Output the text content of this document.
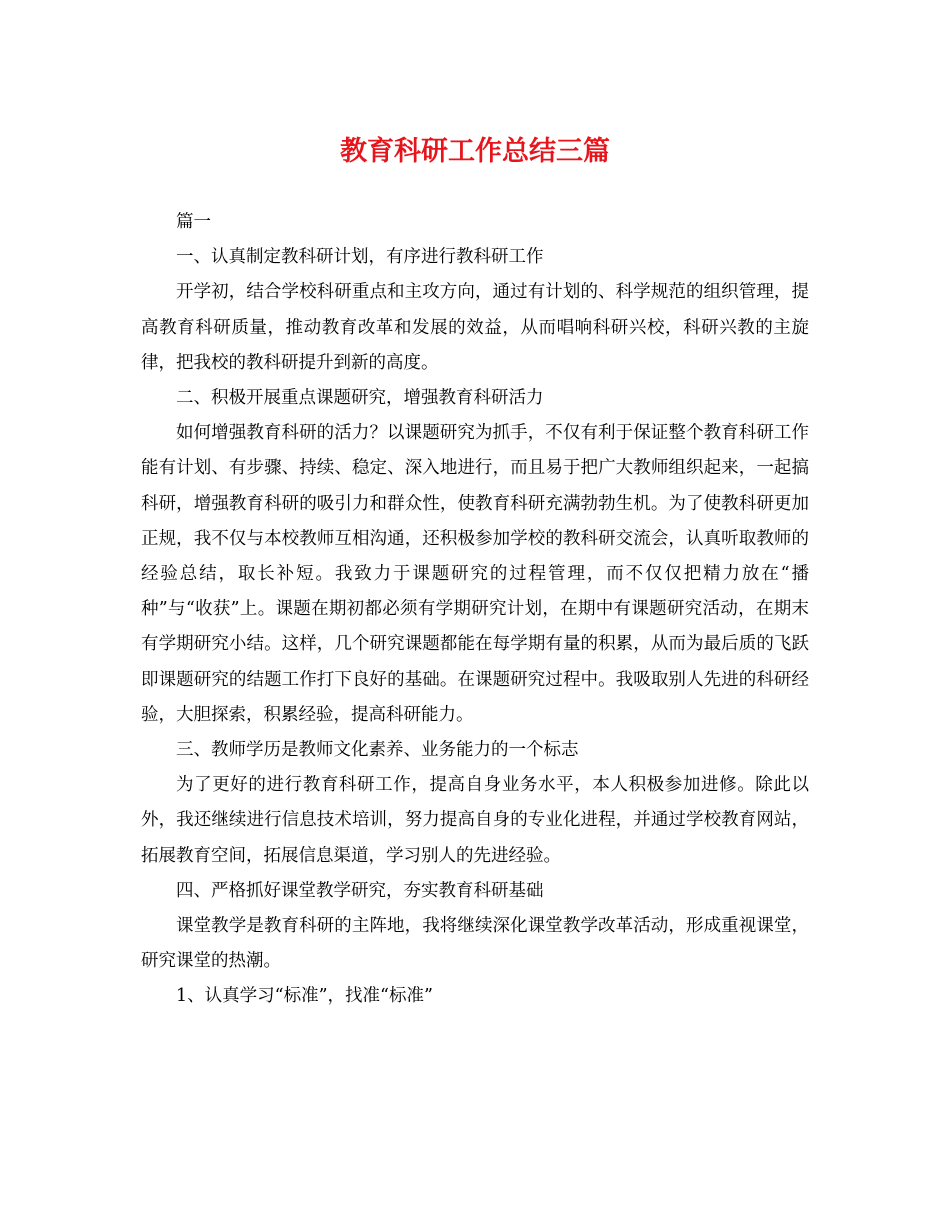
教育科研工作总结三篇

篇一

一、认真制定教科研计划，有序进行教科研工作

开学初，结合学校科研重点和主攻方向，通过有计划的、科学规范的组织管理，提高教育科研质量，推动教育改革和发展的效益，从而唱响科研兴校，科研兴教的主旋律，把我校的教科研提升到新的高度。

二、积极开展重点课题研究，增强教育科研活力

如何增强教育科研的活力？以课题研究为抓手，不仅有利于保证整个教育科研工作能有计划、有步骤、持续、稳定、深入地进行，而且易于把广大教师组织起来，一起搞科研，增强教育科研的吸引力和群众性，使教育科研充满勃勃生机。为了使教科研更加正规，我不仅与本校教师互相沟通，还积极参加学校的教科研交流会，认真听取教师的经验总结，取长补短。我致力于课题研究的过程管理，而不仅仅把精力放在“播种”与“收获”上。课题在期初都必须有学期研究计划，在期中有课题研究活动，在期末有学期研究小结。这样，几个研究课题都能在每学期有量的积累，从而为最后质的飞跃即课题研究的结题工作打下良好的基础。在课题研究过程中。我吸取别人先进的科研经验，大胆探索，积累经验，提高科研能力。

三、教师学历是教师文化素养、业务能力的一个标志

为了更好的进行教育科研工作，提高自身业务水平，本人积极参加进修。除此以外，我还继续进行信息技术培训，努力提高自身的专业化进程，并通过学校教育网站，拓展教育空间，拓展信息渠道，学习别人的先进经验。

四、严格抓好课堂教学研究，夯实教育科研基础

课堂教学是教育科研的主阵地，我将继续深化课堂教学改革活动，形成重视课堂，研究课堂的热潮。

1、认真学习“标准”，找准“标准”
